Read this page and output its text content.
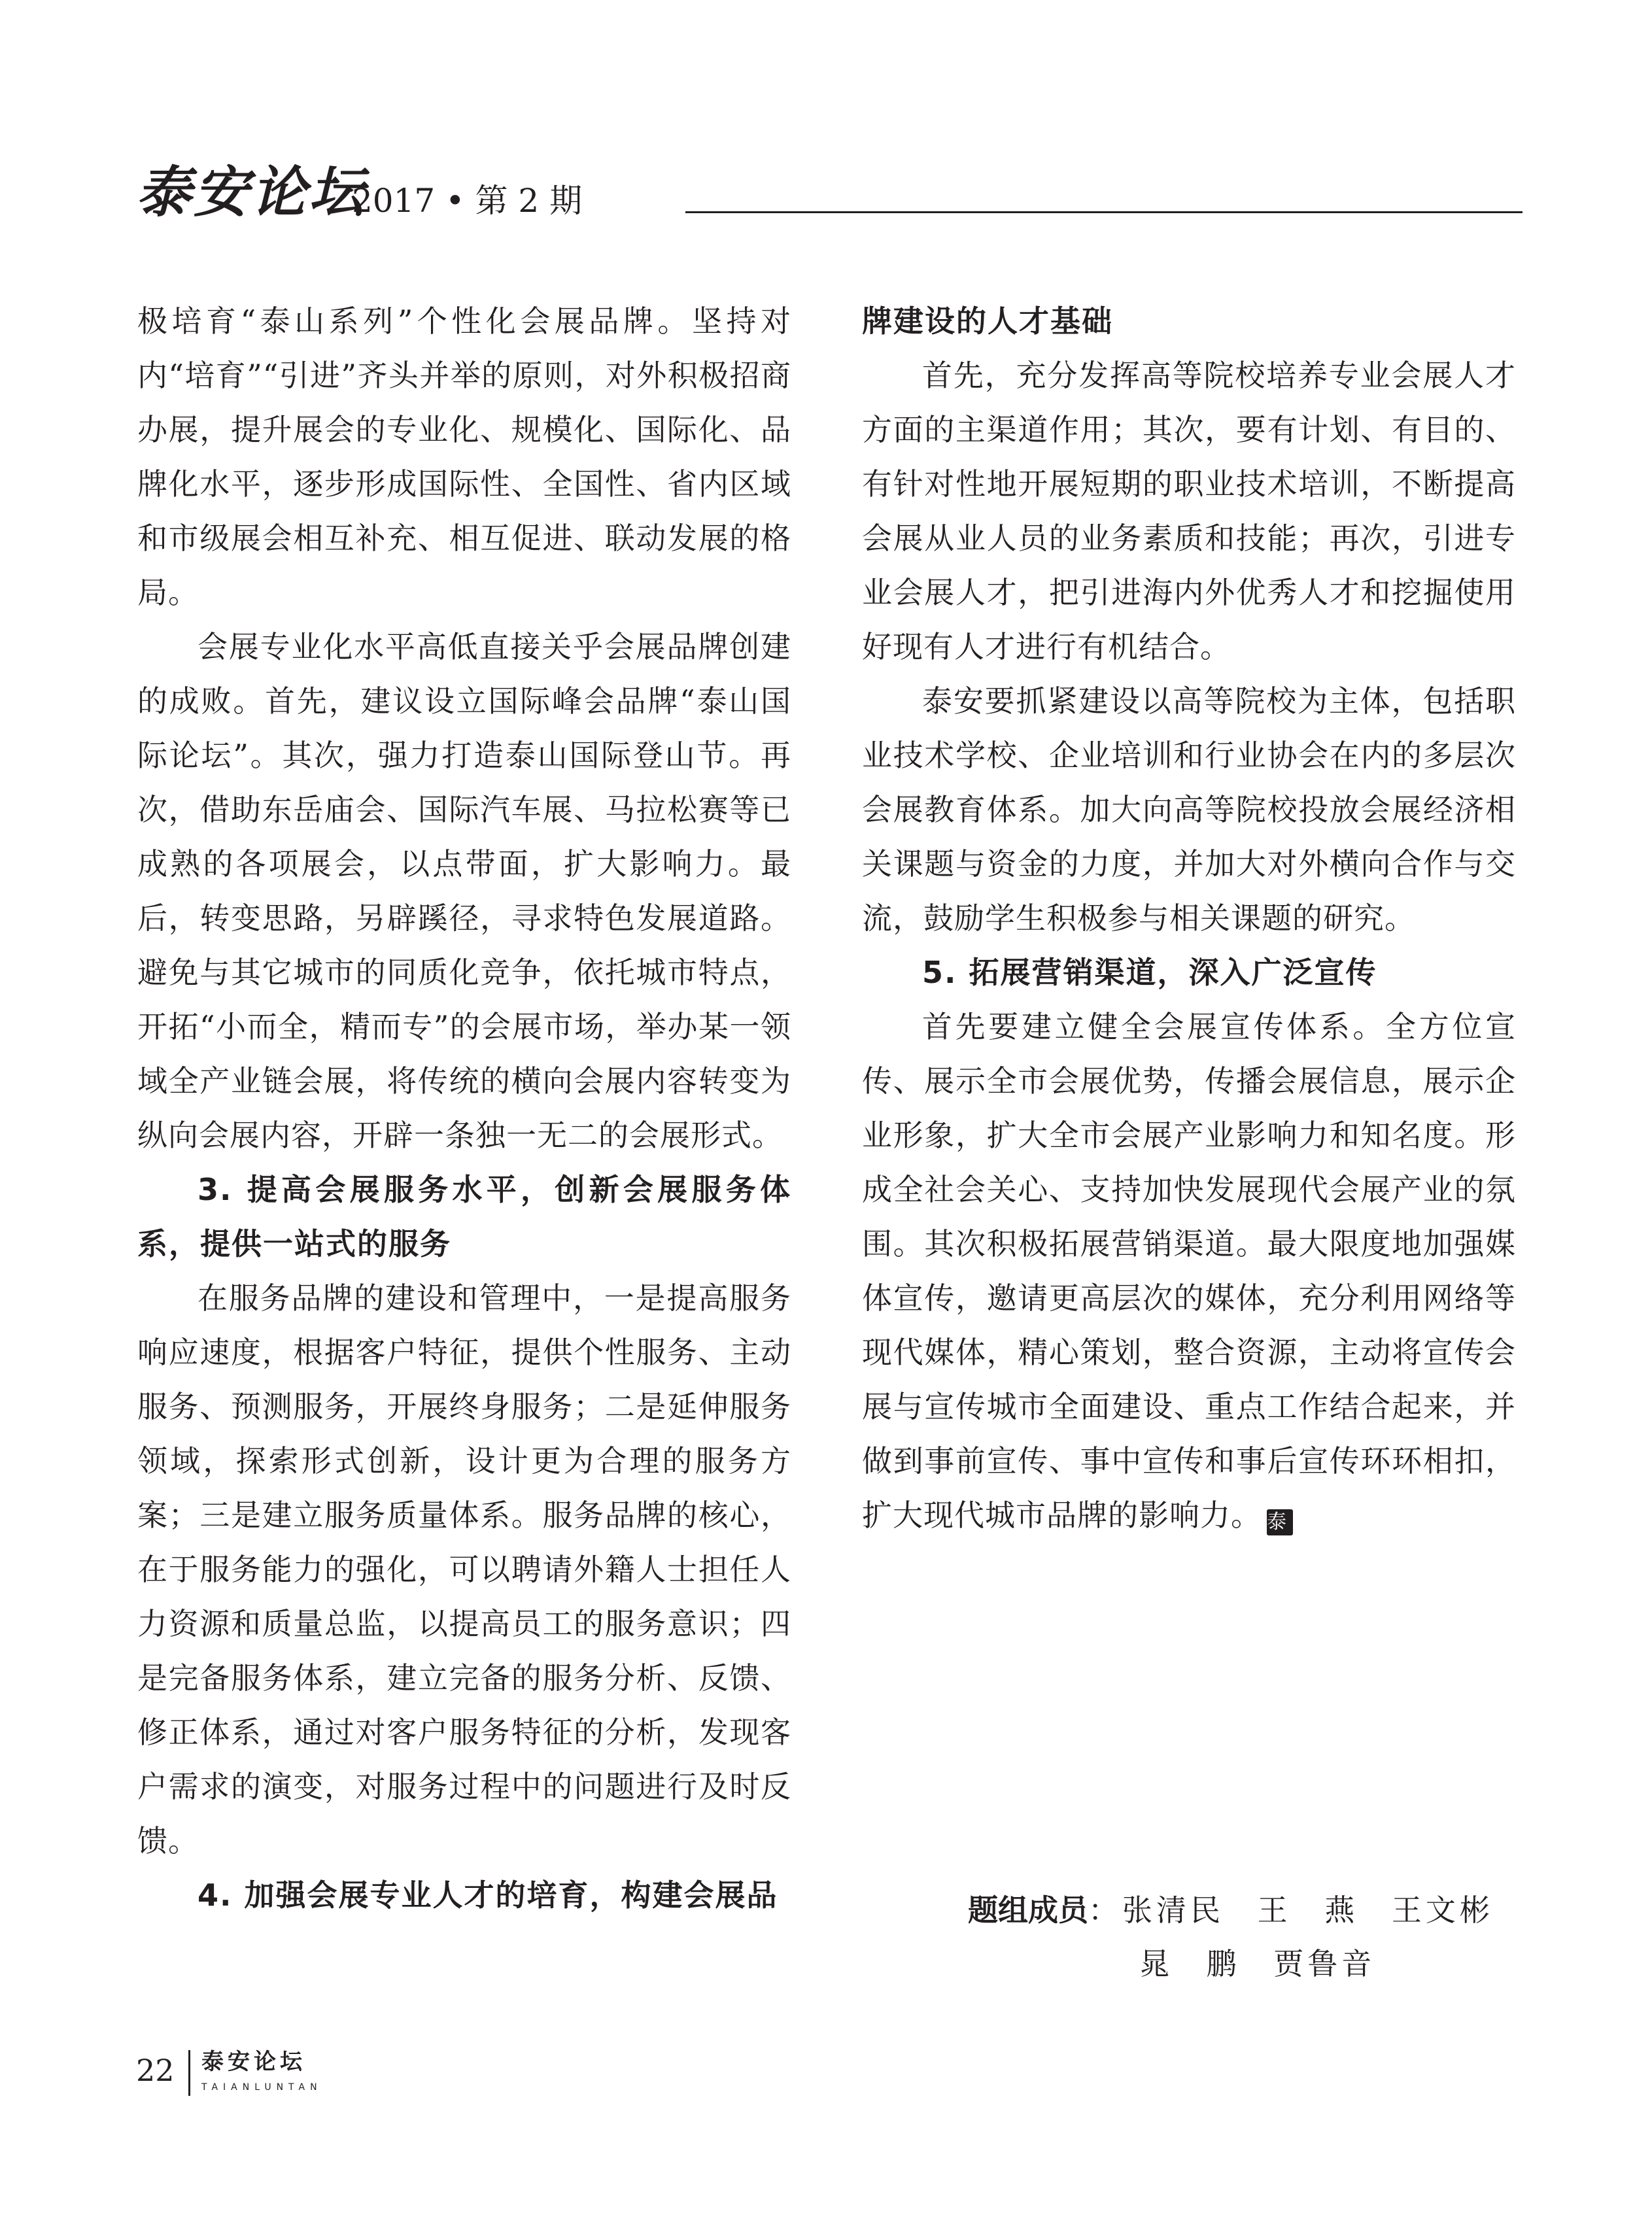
泰安论坛
2017 • 第 2 期

极培育“泰山系列”个性化会展品牌。坚持对内“培育”“引进”齐头并举的原则，对外积极招商办展，提升展会的专业化、规模化、国际化、品牌化水平，逐步形成国际性、全国性、省内区域和市级展会相互补充、相互促进、联动发展的格局。

会展专业化水平高低直接关乎会展品牌创建的成败。首先，建议设立国际峰会品牌“泰山国际论坛”。其次，强力打造泰山国际登山节。再次，借助东岳庙会、国际汽车展、马拉松赛等已成熟的各项展会，以点带面，扩大影响力。最后，转变思路，另辟蹊径，寻求特色发展道路。避免与其它城市的同质化竞争，依托城市特点，开拓“小而全，精而专”的会展市场，举办某一领域全产业链会展，将传统的横向会展内容转变为纵向会展内容，开辟一条独一无二的会展形式。

3. 提高会展服务水平，创新会展服务体系，提供一站式的服务

在服务品牌的建设和管理中，一是提高服务响应速度，根据客户特征，提供个性服务、主动服务、预测服务，开展终身服务；二是延伸服务领域，探索形式创新，设计更为合理的服务方案；三是建立服务质量体系。服务品牌的核心，在于服务能力的强化，可以聘请外籍人士担任人力资源和质量总监，以提高员工的服务意识；四是完备服务体系，建立完备的服务分析、反馈、修正体系，通过对客户服务特征的分析，发现客户需求的演变，对服务过程中的问题进行及时反馈。

4. 加强会展专业人才的培育，构建会展品

牌建设的人才基础

首先，充分发挥高等院校培养专业会展人才方面的主渠道作用；其次，要有计划、有目的、有针对性地开展短期的职业技术培训，不断提高会展从业人员的业务素质和技能；再次，引进专业会展人才，把引进海内外优秀人才和挖掘使用好现有人才进行有机结合。

泰安要抓紧建设以高等院校为主体，包括职业技术学校、企业培训和行业协会在内的多层次会展教育体系。加大向高等院校投放会展经济相关课题与资金的力度，并加大对外横向合作与交流，鼓励学生积极参与相关课题的研究。

5. 拓展营销渠道，深入广泛宣传

首先要建立健全会展宣传体系。全方位宣传、展示全市会展优势，传播会展信息，展示企业形象，扩大全市会展产业影响力和知名度。形成全社会关心、支持加快发展现代会展产业的氛围。其次积极拓展营销渠道。最大限度地加强媒体宣传，邀请更高层次的媒体，充分利用网络等现代媒体，精心策划，整合资源，主动将宣传会展与宣传城市全面建设、重点工作结合起来，并做到事前宣传、事中宣传和事后宣传环环相扣，扩大现代城市品牌的影响力。 泰

题组成员：张清民 王 燕 王文彬
晁 鹏 贾鲁音
22 泰安论坛
TAIANLUNTAN
